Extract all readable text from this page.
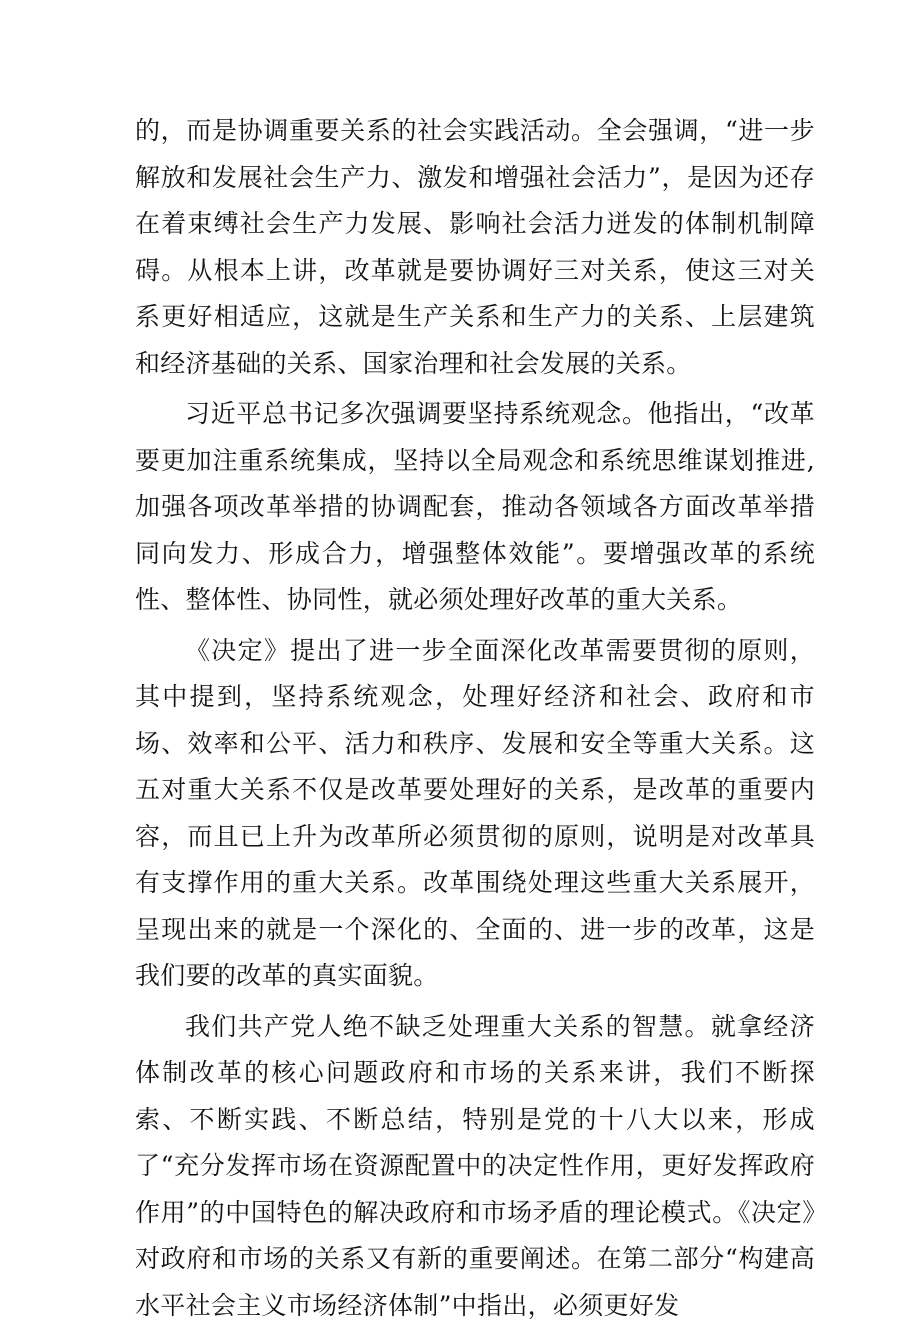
的，而是协调重要关系的社会实践活动。全会强调，“进一步解放和发展社会生产力、激发和增强社会活力”，是因为还存在着束缚社会生产力发展、影响社会活力迸发的体制机制障碍。从根本上讲，改革就是要协调好三对关系，使这三对关系更好相适应，这就是生产关系和生产力的关系、上层建筑和经济基础的关系、国家治理和社会发展的关系。

习近平总书记多次强调要坚持系统观念。他指出，“改革要更加注重系统集成，坚持以全局观念和系统思维谋划推进,加强各项改革举措的协调配套，推动各领域各方面改革举措同向发力、形成合力，增强整体效能”。要增强改革的系统性、整体性、协同性，就必须处理好改革的重大关系。

《决定》提出了进一步全面深化改革需要贯彻的原则，其中提到，坚持系统观念，处理好经济和社会、政府和市场、效率和公平、活力和秩序、发展和安全等重大关系。这五对重大关系不仅是改革要处理好的关系，是改革的重要内容，而且已上升为改革所必须贯彻的原则，说明是对改革具有支撑作用的重大关系。改革围绕处理这些重大关系展开，呈现出来的就是一个深化的、全面的、进一步的改革，这是我们要的改革的真实面貌。

我们共产党人绝不缺乏处理重大关系的智慧。就拿经济体制改革的核心问题政府和市场的关系来讲，我们不断探索、不断实践、不断总结，特别是党的十八大以来，形成了“充分发挥市场在资源配置中的决定性作用，更好发挥政府作用”的中国特色的解决政府和市场矛盾的理论模式。《决定》对政府和市场的关系又有新的重要阐述。在第二部分“构建高水平社会主义市场经济体制”中指出，必须更好发
